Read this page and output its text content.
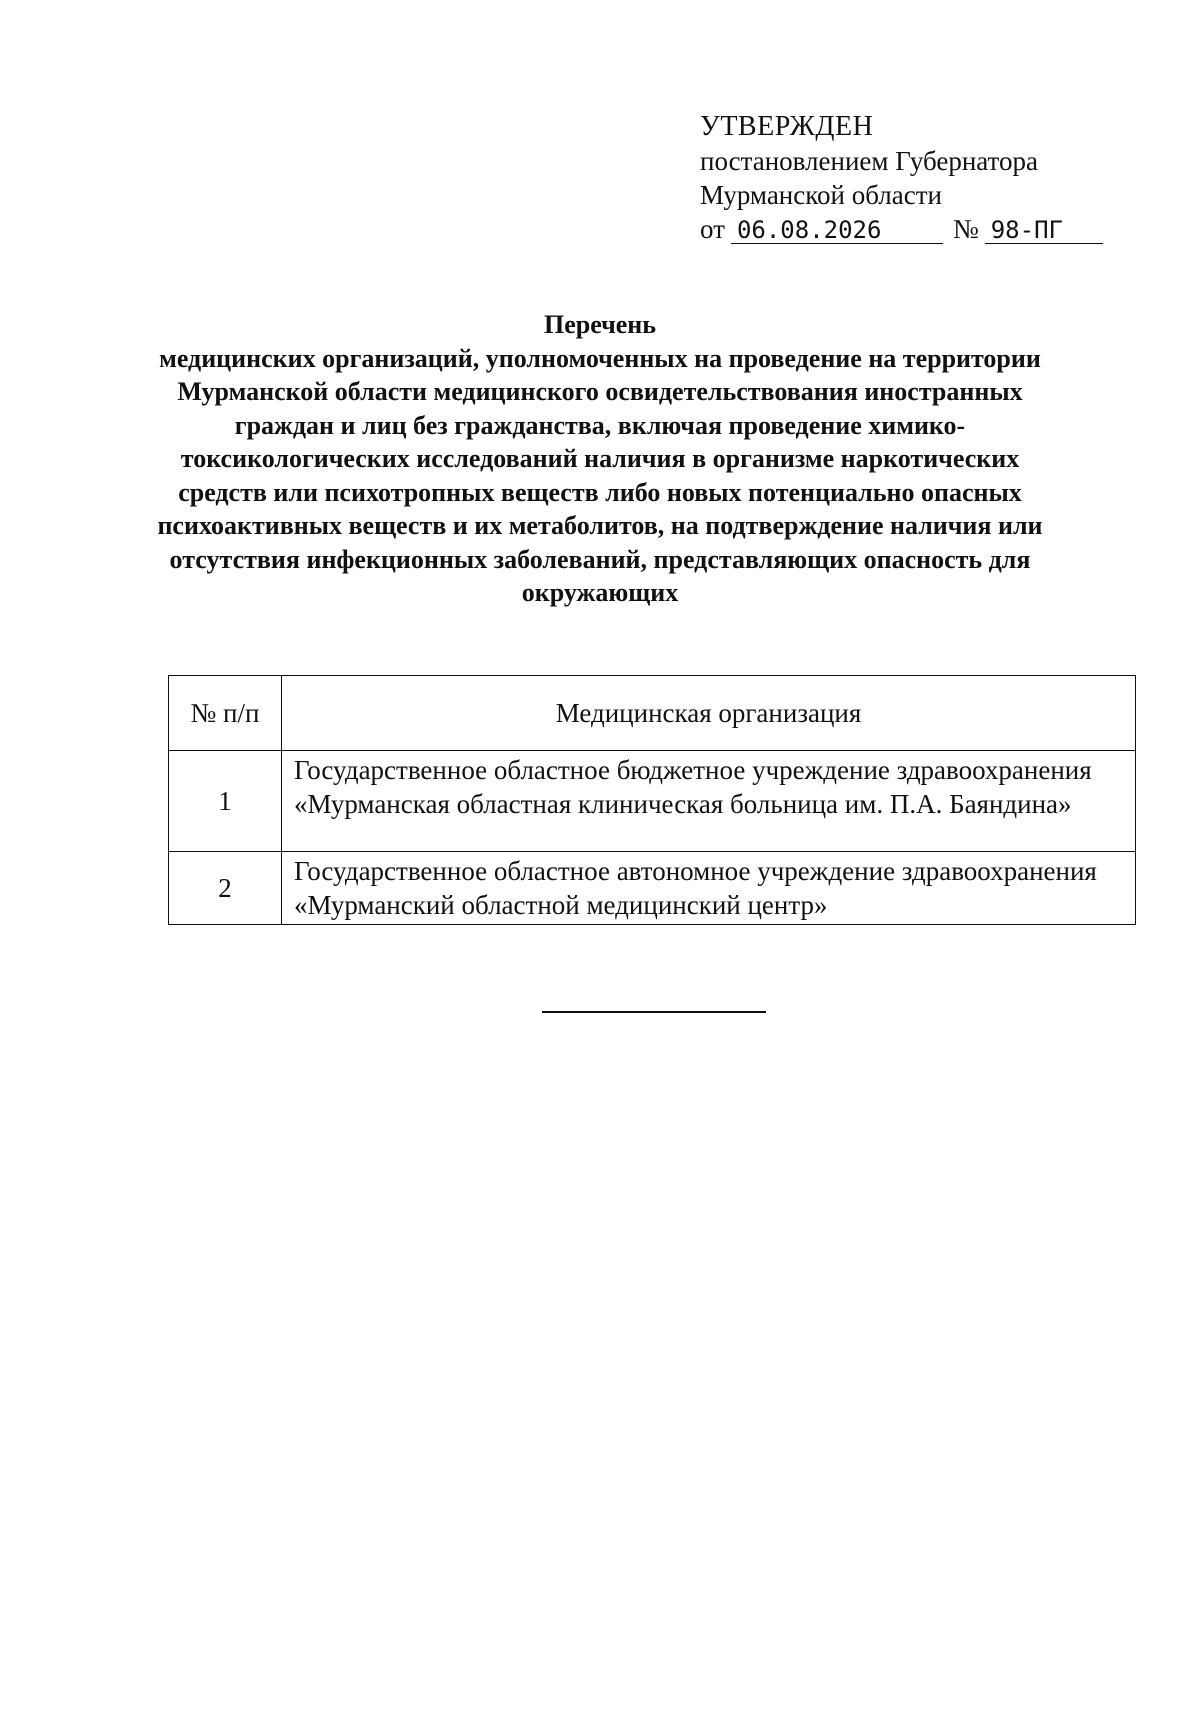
УТВЕРЖДЕН
постановлением Губернатора
Мурманской области
от 06.08.2026	№ 98-ПГ
Перечень
медицинских организаций, уполномоченных на проведение на территории Мурманской области медицинского освидетельствования иностранных граждан и лиц без гражданства, включая проведение химико-токсикологических исследований наличия в организме наркотических средств или психотропных веществ либо новых потенциально опасных психоактивных веществ и их метаболитов, на подтверждение наличия или отсутствия инфекционных заболеваний, представляющих опасность для окружающих
№ п/п	Медицинская организация
1	Государственное областное бюджетное учреждение здравоохранения «Мурманская областная клиническая больница им. П.А. Баяндина»
2	Государственное областное автономное учреждение здравоохранения «Мурманский областной медицинский центр»
